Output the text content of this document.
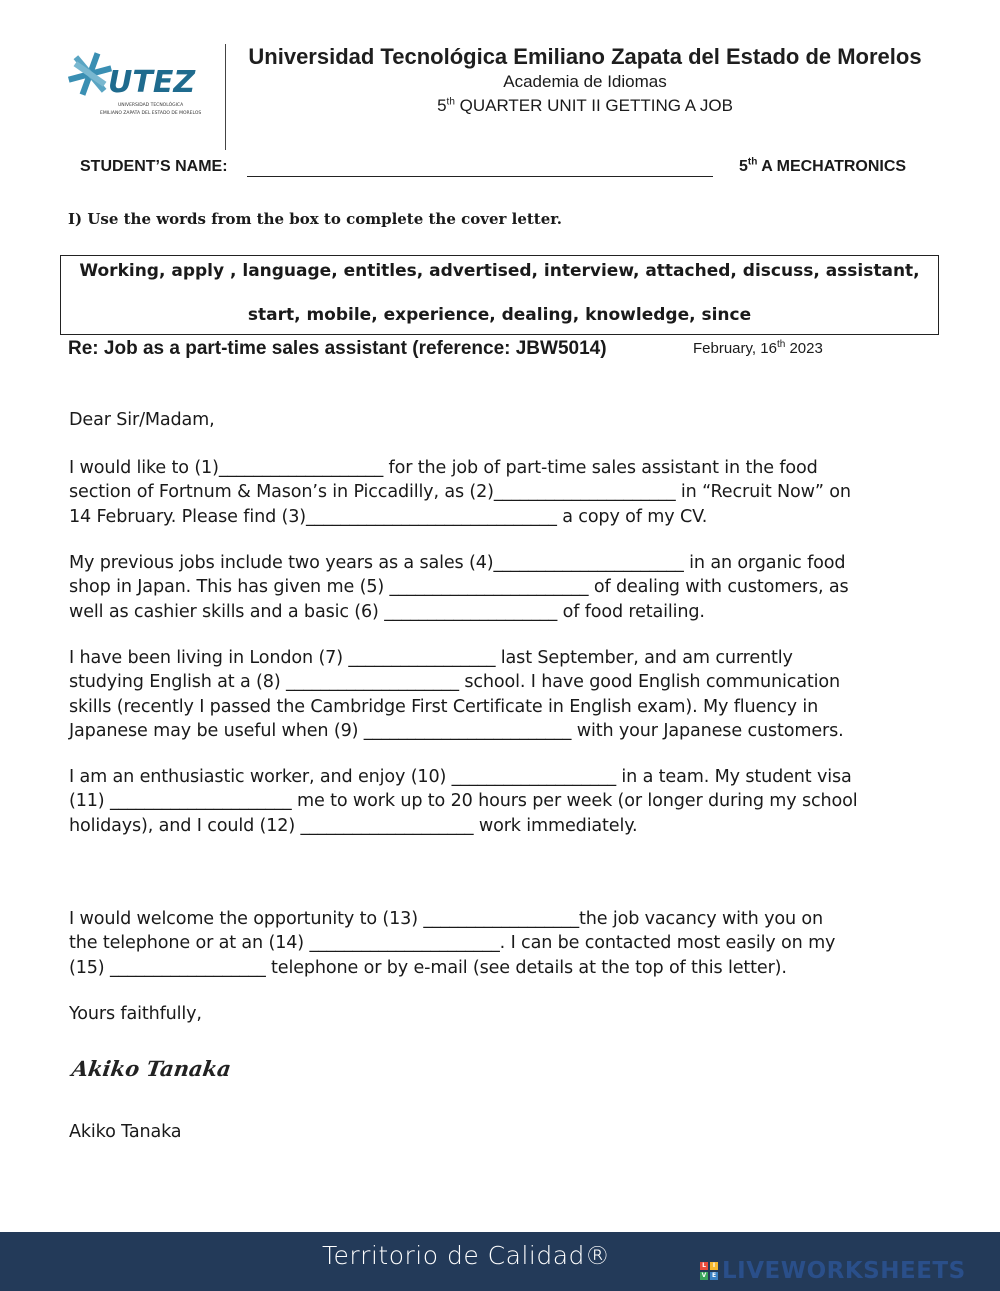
UTEZ
UNIVERSIDAD TECNOLÓGICA
EMILIANO ZAPATA DEL ESTADO DE MORELOS
Universidad Tecnológica Emiliano Zapata del Estado de Morelos
Academia de Idiomas
5th QUARTER UNIT II GETTING A JOB
STUDENT’S NAME:	5th A MECHATRONICS
I) Use the words from the box to complete the cover letter.
Working, apply , language, entitles, advertised, interview, attached, discuss, assistant,
start, mobile, experience, dealing, knowledge, since
Re: Job as a part-time sales assistant (reference: JBW5014)	February, 16th 2023
Dear Sir/Madam,
I would like to (1)___________________ for the job of part-time sales assistant in the food
section of Fortnum & Mason’s in Piccadilly, as (2)_____________________ in “Recruit Now” on
14 February. Please find (3)_____________________________ a copy of my CV.
My previous jobs include two years as a sales (4)______________________ in an organic food
shop in Japan. This has given me (5) _______________________ of dealing with customers, as
well as cashier skills and a basic (6) ____________________ of food retailing.
I have been living in London (7) _________________ last September, and am currently
studying English at a (8) ____________________ school. I have good English communication
skills (recently I passed the Cambridge First Certificate in English exam). My fluency in
Japanese may be useful when (9) ________________________ with your Japanese customers.
I am an enthusiastic worker, and enjoy (10) ___________________ in a team. My student visa
(11) _____________________ me to work up to 20 hours per week (or longer during my school
holidays), and I could (12) ____________________ work immediately.
I would welcome the opportunity to (13) __________________the job vacancy with you on
the telephone or at an (14) ______________________. I can be contacted most easily on my
(15) __________________ telephone or by e-mail (see details at the top of this letter).
Yours faithfully,
Akiko Tanaka
Akiko Tanaka
Territorio de Calidad®	L	I
V E LIVEWORKSHEETS
